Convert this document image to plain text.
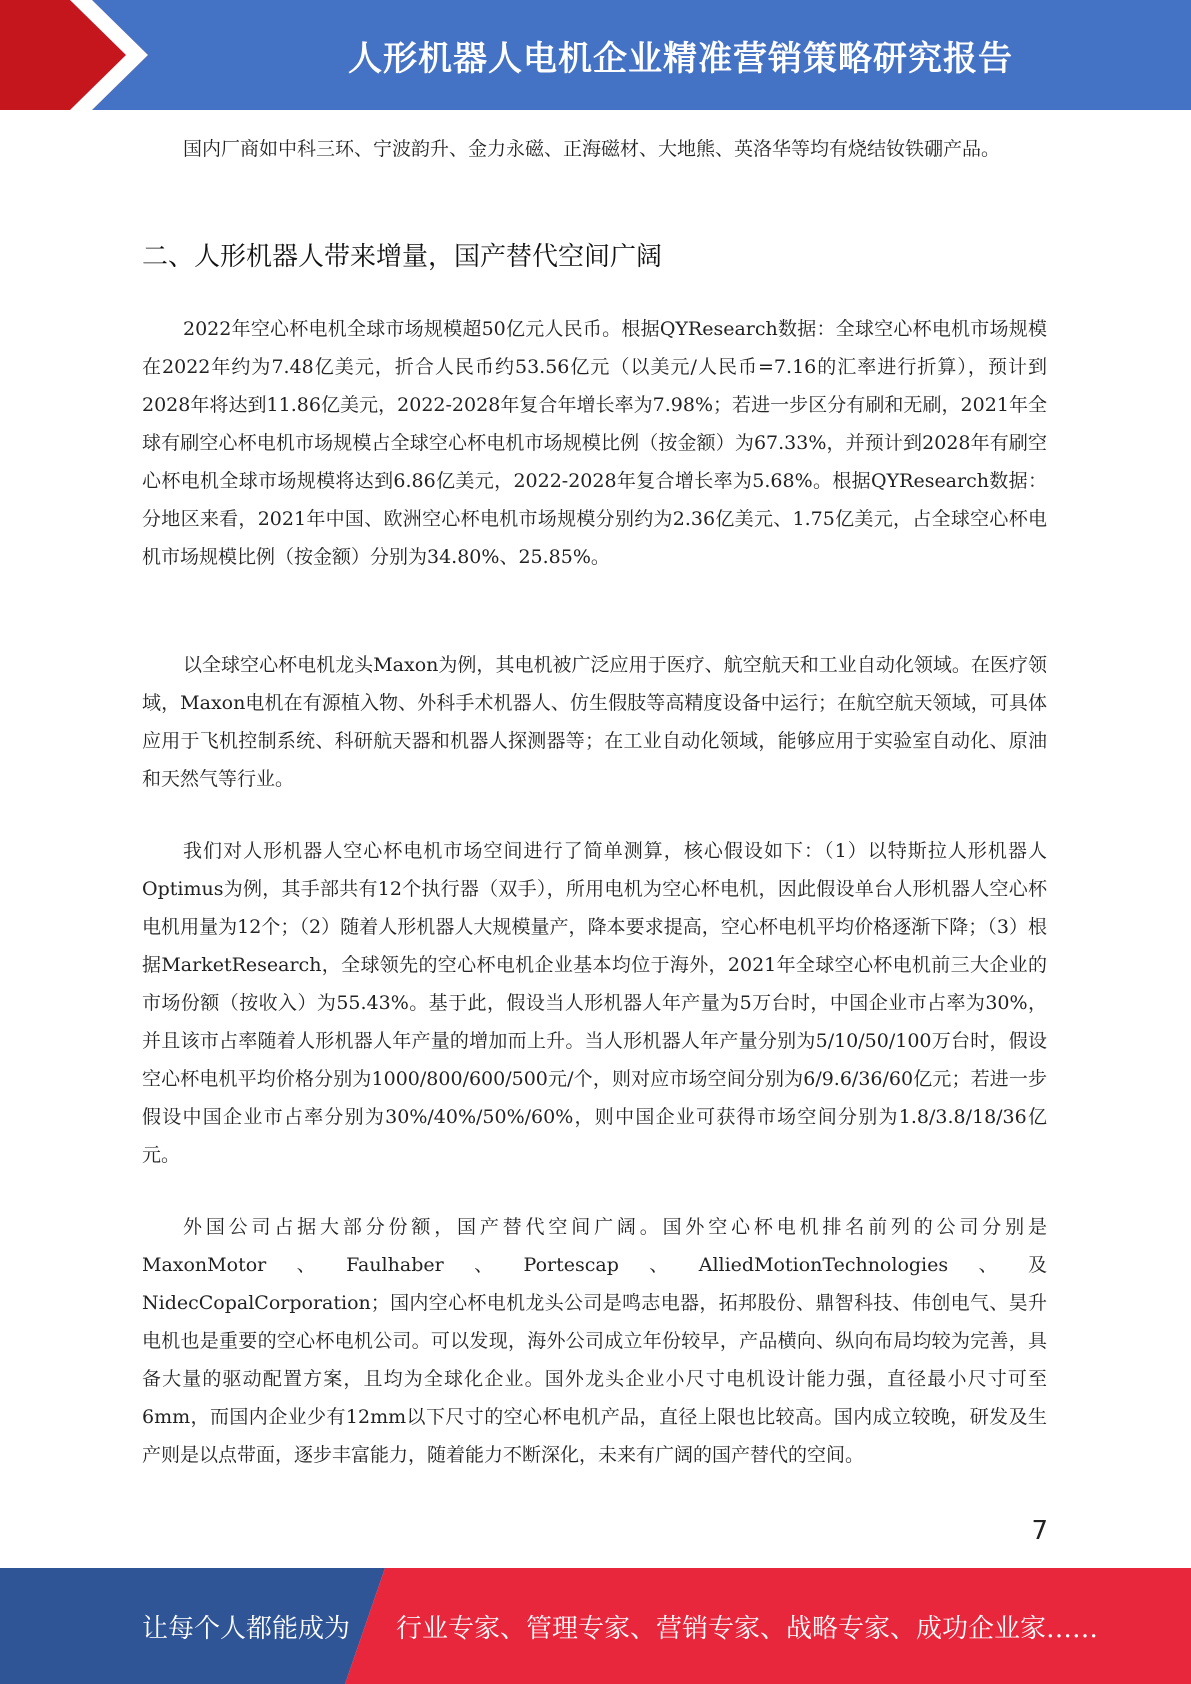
人形机器人电机企业精准营销策略研究报告

国内厂商如中科三环、宁波韵升、金力永磁、正海磁材、大地熊、英洛华等均有烧结钕铁硼产品。

二、人形机器人带来增量，国产替代空间广阔

2022年空心杯电机全球市场规模超50亿元人民币。根据QYResearch数据：全球空心杯电机市场规模在2022年约为7.48亿美元，折合人民币约53.56亿元（以美元/人民币=7.16的汇率进行折算），预计到2028年将达到11.86亿美元，2022-2028年复合年增长率为7.98%；若进一步区分有刷和无刷，2021年全球有刷空心杯电机市场规模占全球空心杯电机市场规模比例（按金额）为67.33%，并预计到2028年有刷空心杯电机全球市场规模将达到6.86亿美元，2022-2028年复合增长率为5.68%。根据QYResearch数据：分地区来看，2021年中国、欧洲空心杯电机市场规模分别约为2.36亿美元、1.75亿美元，占全球空心杯电机市场规模比例（按金额）分别为34.80%、25.85%。

以全球空心杯电机龙头Maxon为例，其电机被广泛应用于医疗、航空航天和工业自动化领域。在医疗领域，Maxon电机在有源植入物、外科手术机器人、仿生假肢等高精度设备中运行；在航空航天领域，可具体应用于飞机控制系统、科研航天器和机器人探测器等；在工业自动化领域，能够应用于实验室自动化、原油和天然气等行业。

我们对人形机器人空心杯电机市场空间进行了简单测算，核心假设如下：（1）以特斯拉人形机器人Optimus为例，其手部共有12个执行器（双手），所用电机为空心杯电机，因此假设单台人形机器人空心杯电机用量为12个；（2）随着人形机器人大规模量产，降本要求提高，空心杯电机平均价格逐渐下降；（3）根据MarketResearch，全球领先的空心杯电机企业基本均位于海外，2021年全球空心杯电机前三大企业的市场份额（按收入）为55.43%。基于此，假设当人形机器人年产量为5万台时，中国企业市占率为30%，并且该市占率随着人形机器人年产量的增加而上升。当人形机器人年产量分别为5/10/50/100万台时，假设空心杯电机平均价格分别为1000/800/600/500元/个，则对应市场空间分别为6/9.6/36/60亿元；若进一步假设中国企业市占率分别为30%/40%/50%/60%，则中国企业可获得市场空间分别为1.8/3.8/18/36亿元。

外国公司占据大部分份额，国产替代空间广阔。国外空心杯电机排名前列的公司分别是MaxonMotor、Faulhaber、Portescap、AlliedMotionTechnologies、及NidecCopalCorporation；国内空心杯电机龙头公司是鸣志电器，拓邦股份、鼎智科技、伟创电气、昊升电机也是重要的空心杯电机公司。可以发现，海外公司成立年份较早，产品横向、纵向布局均较为完善，具备大量的驱动配置方案，且均为全球化企业。国外龙头企业小尺寸电机设计能力强，直径最小尺寸可至6mm，而国内企业少有12mm以下尺寸的空心杯电机产品，直径上限也比较高。国内成立较晚，研发及生产则是以点带面，逐步丰富能力，随着能力不断深化，未来有广阔的国产替代的空间。

7
让每个人都能成为 行业专家、管理专家、营销专家、战略专家、成功企业家……
